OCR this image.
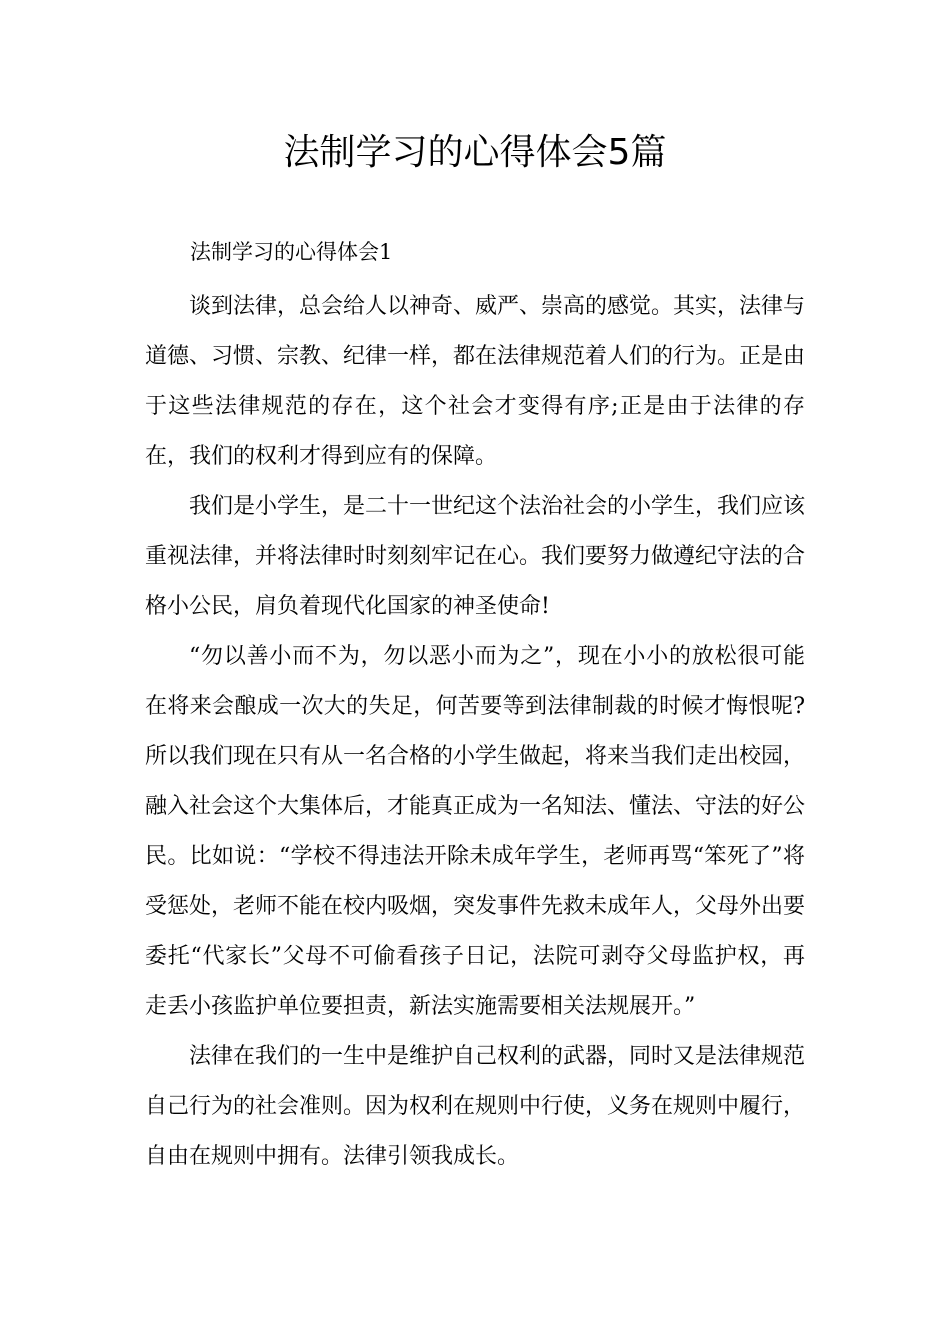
法制学习的心得体会5篇

法制学习的心得体会1

谈到法律，总会给人以神奇、威严、崇高的感觉。其实，法律与道德、习惯、宗教、纪律一样，都在法律规范着人们的行为。正是由于这些法律规范的存在，这个社会才变得有序;正是由于法律的存在，我们的权利才得到应有的保障。

我们是小学生，是二十一世纪这个法治社会的小学生，我们应该重视法律，并将法律时时刻刻牢记在心。我们要努力做遵纪守法的合格小公民，肩负着现代化国家的神圣使命!

“勿以善小而不为，勿以恶小而为之”，现在小小的放松很可能在将来会酿成一次大的失足，何苦要等到法律制裁的时候才悔恨呢?所以我们现在只有从一名合格的小学生做起，将来当我们走出校园，融入社会这个大集体后，才能真正成为一名知法、懂法、守法的好公民。比如说：“学校不得违法开除未成年学生，老师再骂“笨死了”将受惩处，老师不能在校内吸烟，突发事件先救未成年人，父母外出要委托“代家长”父母不可偷看孩子日记，法院可剥夺父母监护权，再走丢小孩监护单位要担责，新法实施需要相关法规展开。”

法律在我们的一生中是维护自己权利的武器，同时又是法律规范自己行为的社会准则。因为权利在规则中行使，义务在规则中履行，自由在规则中拥有。法律引领我成长。
